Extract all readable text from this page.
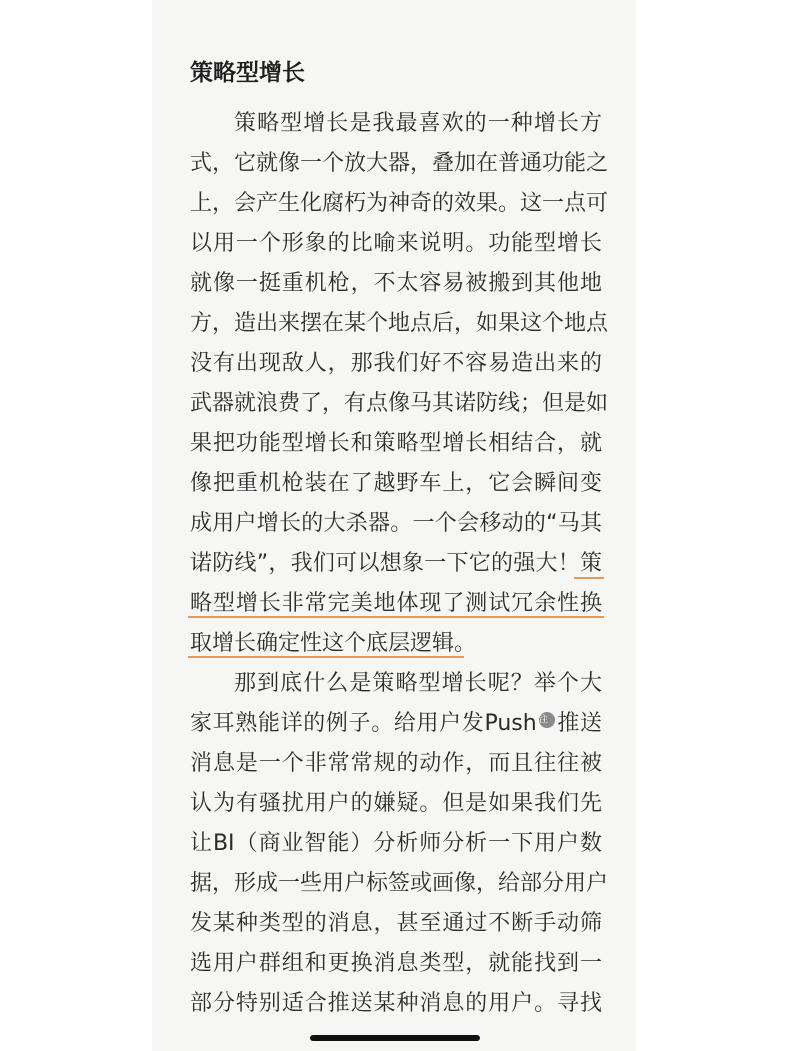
策略型增长
策略型增长是我最喜欢的一种增长方
式，它就像一个放大器，叠加在普通功能之
上，会产生化腐朽为神奇的效果。这一点可
以用一个形象的比喻来说明。功能型增长
就像一挺重机枪，不太容易被搬到其他地
方，造出来摆在某个地点后，如果这个地点
没有出现敌人，那我们好不容易造出来的
武器就浪费了，有点像马其诺防线；但是如
果把功能型增长和策略型增长相结合，就
像把重机枪装在了越野车上，它会瞬间变
成用户增长的大杀器。一个会移动的“马其
诺防线”，我们可以想象一下它的强大！策
略型增长非常完美地体现了测试冗余性换
取增长确定性这个底层逻辑。
那到底什么是策略型增长呢？举个大
家耳熟能详的例子。给用户发Push 注 推送
消息是一个非常常规的动作，而且往往被
认为有骚扰用户的嫌疑。但是如果我们先
让BI（商业智能）分析师分析一下用户数
据，形成一些用户标签或画像，给部分用户
发某种类型的消息，甚至通过不断手动筛
选用户群组和更换消息类型，就能找到一
部分特别适合推送某种消息的用户。寻找
